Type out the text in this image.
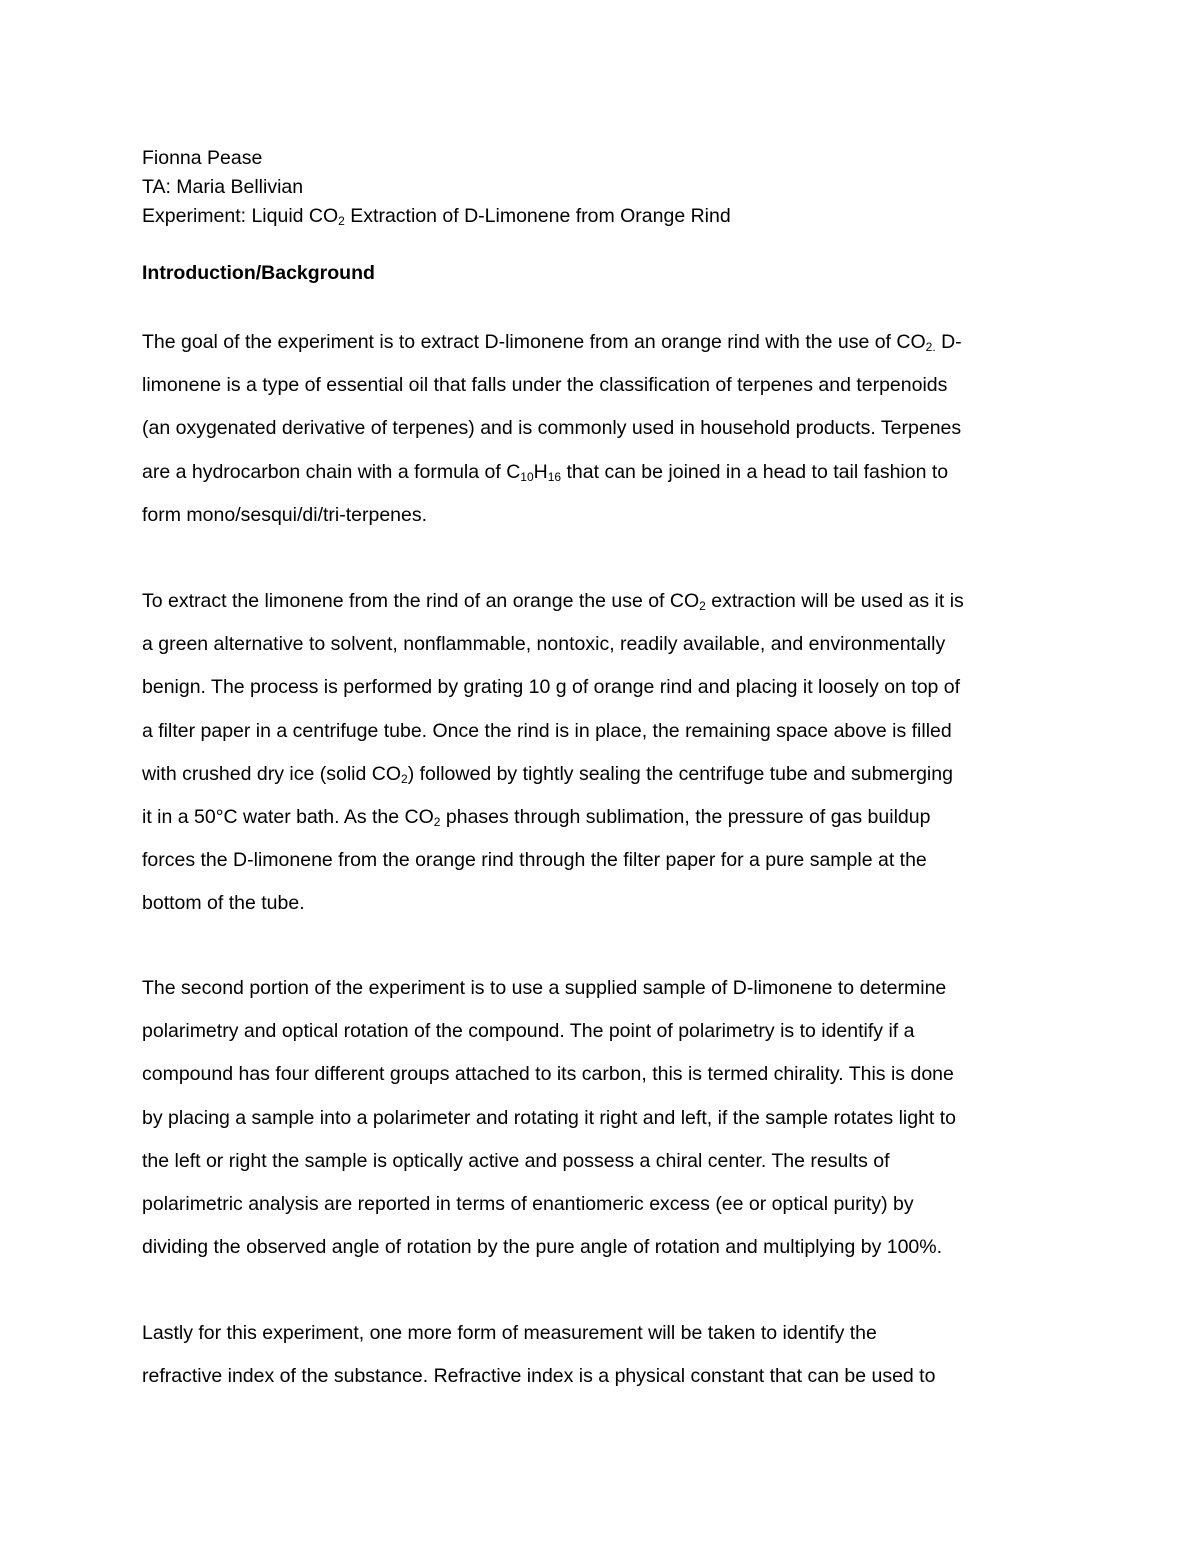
Fionna Pease
TA: Maria Bellivian
Experiment: Liquid $CO_2$ Extraction of D-Limonene from Orange Rind
Introduction/Background
The goal of the experiment is to extract D-limonene from an orange rind with the use of $CO_{2.}$ D-
limonene is a type of essential oil that falls under the classification of terpenes and terpenoids
(an oxygenated derivative of terpenes) and is commonly used in household products. Terpenes
are a hydrocarbon chain with a formula of $C_{10}H_{16}$ that can be joined in a head to tail fashion to
form mono/sesqui/di/tri-terpenes.
To extract the limonene from the rind of an orange the use of $CO_2$ extraction will be used as it is
a green alternative to solvent, nonflammable, nontoxic, readily available, and environmentally
benign. The process is performed by grating 10 g of orange rind and placing it loosely on top of
a filter paper in a centrifuge tube. Once the rind is in place, the remaining space above is filled
with crushed dry ice (solid $CO_2$) followed by tightly sealing the centrifuge tube and submerging
it in a 50°C water bath. As the $CO_2$ phases through sublimation, the pressure of gas buildup
forces the D-limonene from the orange rind through the filter paper for a pure sample at the
bottom of the tube.
The second portion of the experiment is to use a supplied sample of D-limonene to determine
polarimetry and optical rotation of the compound. The point of polarimetry is to identify if a
compound has four different groups attached to its carbon, this is termed chirality. This is done
by placing a sample into a polarimeter and rotating it right and left, if the sample rotates light to
the left or right the sample is optically active and possess a chiral center. The results of
polarimetric analysis are reported in terms of enantiomeric excess (ee or optical purity) by
dividing the observed angle of rotation by the pure angle of rotation and multiplying by 100%.
Lastly for this experiment, one more form of measurement will be taken to identify the
refractive index of the substance. Refractive index is a physical constant that can be used to
